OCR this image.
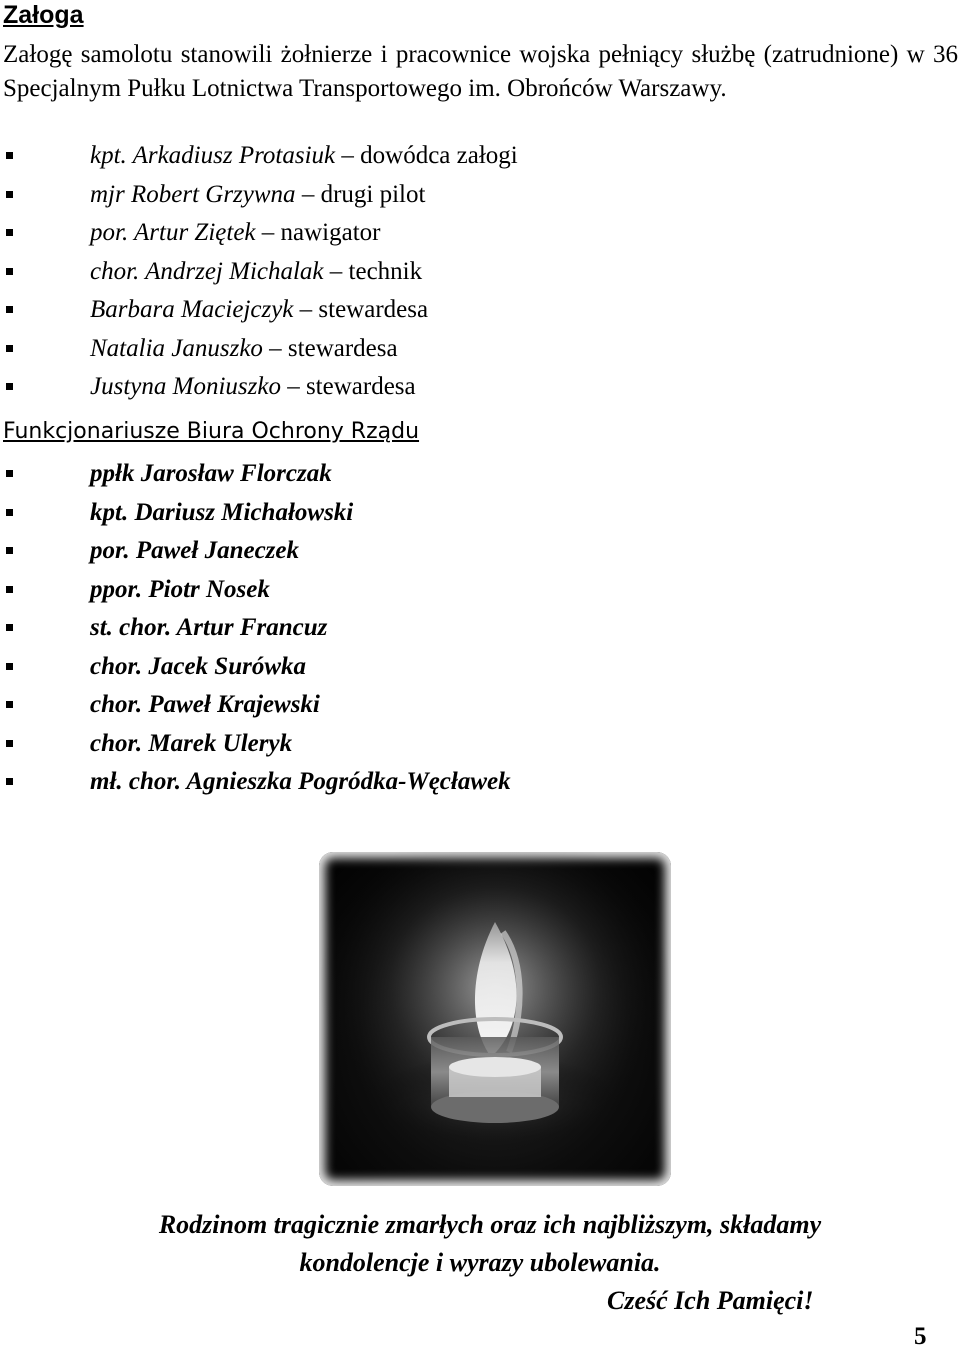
Załoga

Załogę samolotu stanowili żołnierze i pracownice wojska pełniący służbę (zatrudnione) w 36 Specjalnym Pułku Lotnictwa Transportowego im. Obrońców Warszawy.

kpt. Arkadiusz Protasiuk – dowódca załogi
mjr Robert Grzywna – drugi pilot
por. Artur Ziętek – nawigator
chor. Andrzej Michalak – technik
Barbara Maciejczyk – stewardesa
Natalia Januszko – stewardesa
Justyna Moniuszko – stewardesa
Funkcjonariusze Biura Ochrony Rządu
ppłk Jarosław Florczak
kpt. Dariusz Michałowski
por. Paweł Janeczek
ppor. Piotr Nosek
st. chor. Artur Francuz
chor. Jacek Surówka
chor. Paweł Krajewski
chor. Marek Uleryk
mł. chor. Agnieszka Pogródka-Węcławek
Rodzinom tragicznie zmarłych oraz ich najbliższym, składamy
kondolencje i wyrazy ubolewania.
Cześć Ich Pamięci!
5
